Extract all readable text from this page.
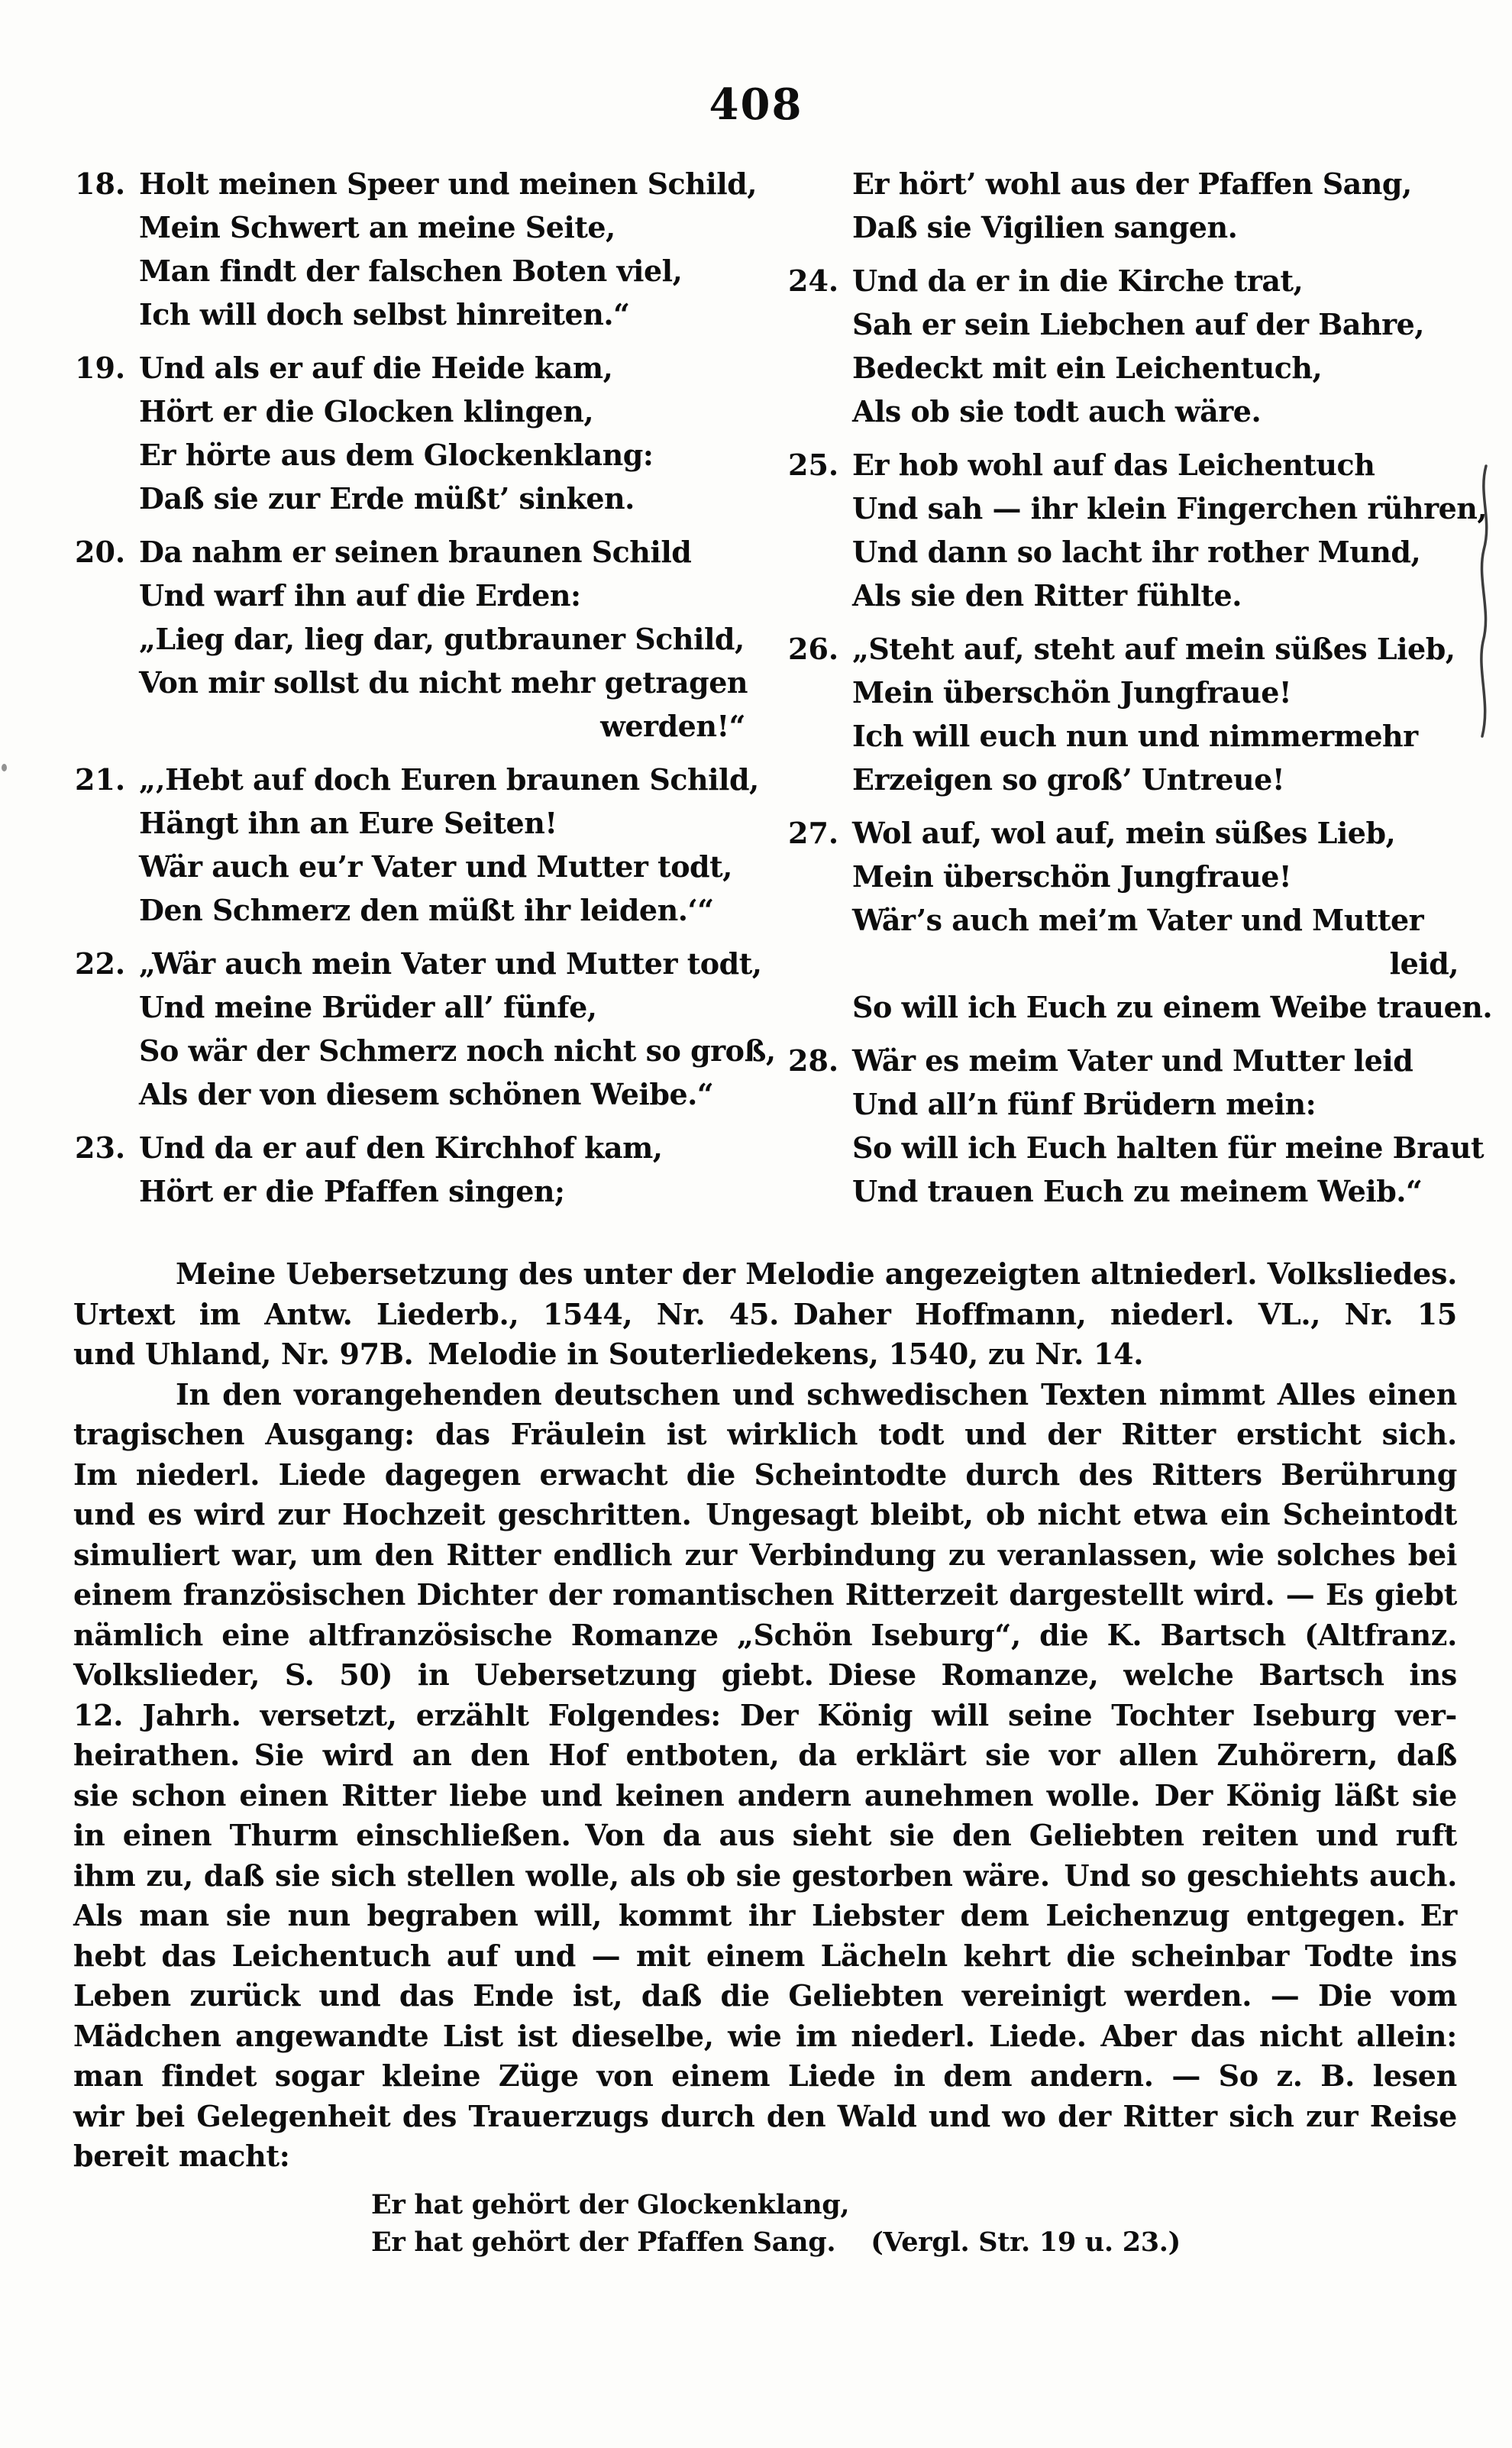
408
18. Holt meinen Speer und meinen Schild,
Mein Schwert an meine Seite,
Man findt der falschen Boten viel,
Ich will doch selbst hinreiten.“
19. Und als er auf die Heide kam,
Hört er die Glocken klingen,
Er hörte aus dem Glockenklang:
Daß sie zur Erde müßt’ sinken.
20. Da nahm er seinen braunen Schild
Und warf ihn auf die Erden:
„Lieg dar, lieg dar, gutbrauner Schild,
Von mir sollst du nicht mehr getragen
werden!“
21. „‚Hebt auf doch Euren braunen Schild,
Hängt ihn an Eure Seiten!
Wär auch eu’r Vater und Mutter todt,
Den Schmerz den müßt ihr leiden.‘“
22. „Wär auch mein Vater und Mutter todt,
Und meine Brüder all’ fünfe,
So wär der Schmerz noch nicht so groß,
Als der von diesem schönen Weibe.“
23. Und da er auf den Kirchhof kam,
Hört er die Pfaffen singen;
Er hört’ wohl aus der Pfaffen Sang,
Daß sie Vigilien sangen.
24. Und da er in die Kirche trat,
Sah er sein Liebchen auf der Bahre,
Bedeckt mit ein Leichentuch,
Als ob sie todt auch wäre.
25. Er hob wohl auf das Leichentuch
Und sah — ihr klein Fingerchen rühren,
Und dann so lacht ihr rother Mund,
Als sie den Ritter fühlte.
26. „Steht auf, steht auf mein süßes Lieb,
Mein überschön Jungfraue!
Ich will euch nun und nimmermehr
Erzeigen so groß’ Untreue!
27. Wol auf, wol auf, mein süßes Lieb,
Mein überschön Jungfraue!
Wär’s auch mei’m Vater und Mutter
leid,
So will ich Euch zu einem Weibe trauen.
28. Wär es meim Vater und Mutter leid
Und all’n fünf Brüdern mein:
So will ich Euch halten für meine Braut
Und trauen Euch zu meinem Weib.“
Meine Uebersetzung des unter der Melodie angezeigten altniederl. Volksliedes.
Urtext im Antw. Liederb., 1544, Nr. 45. Daher Hoffmann, niederl. VL., Nr. 15
und Uhland, Nr. 97B. Melodie in Souterliedekens, 1540, zu Nr. 14.
In den vorangehenden deutschen und schwedischen Texten nimmt Alles einen
tragischen Ausgang: das Fräulein ist wirklich todt und der Ritter ersticht sich.
Im niederl. Liede dagegen erwacht die Scheintodte durch des Ritters Berührung
und es wird zur Hochzeit geschritten. Ungesagt bleibt, ob nicht etwa ein Scheintodt
simuliert war, um den Ritter endlich zur Verbindung zu veranlassen, wie solches bei
einem französischen Dichter der romantischen Ritterzeit dargestellt wird. — Es giebt
nämlich eine altfranzösische Romanze „Schön Iseburg“, die K. Bartsch (Altfranz.
Volkslieder, S. 50) in Uebersetzung giebt. Diese Romanze, welche Bartsch ins
12. Jahrh. versetzt, erzählt Folgendes: Der König will seine Tochter Iseburg ver-
heirathen. Sie wird an den Hof entboten, da erklärt sie vor allen Zuhörern, daß
sie schon einen Ritter liebe und keinen andern aunehmen wolle. Der König läßt sie
in einen Thurm einschließen. Von da aus sieht sie den Geliebten reiten und ruft
ihm zu, daß sie sich stellen wolle, als ob sie gestorben wäre. Und so geschiehts auch.
Als man sie nun begraben will, kommt ihr Liebster dem Leichenzug entgegen. Er
hebt das Leichentuch auf und — mit einem Lächeln kehrt die scheinbar Todte ins
Leben zurück und das Ende ist, daß die Geliebten vereinigt werden. — Die vom
Mädchen angewandte List ist dieselbe, wie im niederl. Liede. Aber das nicht allein:
man findet sogar kleine Züge von einem Liede in dem andern. — So z. B. lesen
wir bei Gelegenheit des Trauerzugs durch den Wald und wo der Ritter sich zur Reise
bereit macht:
Er hat gehört der Glockenklang,
Er hat gehört der Pfaffen Sang. (Vergl. Str. 19 u. 23.)
